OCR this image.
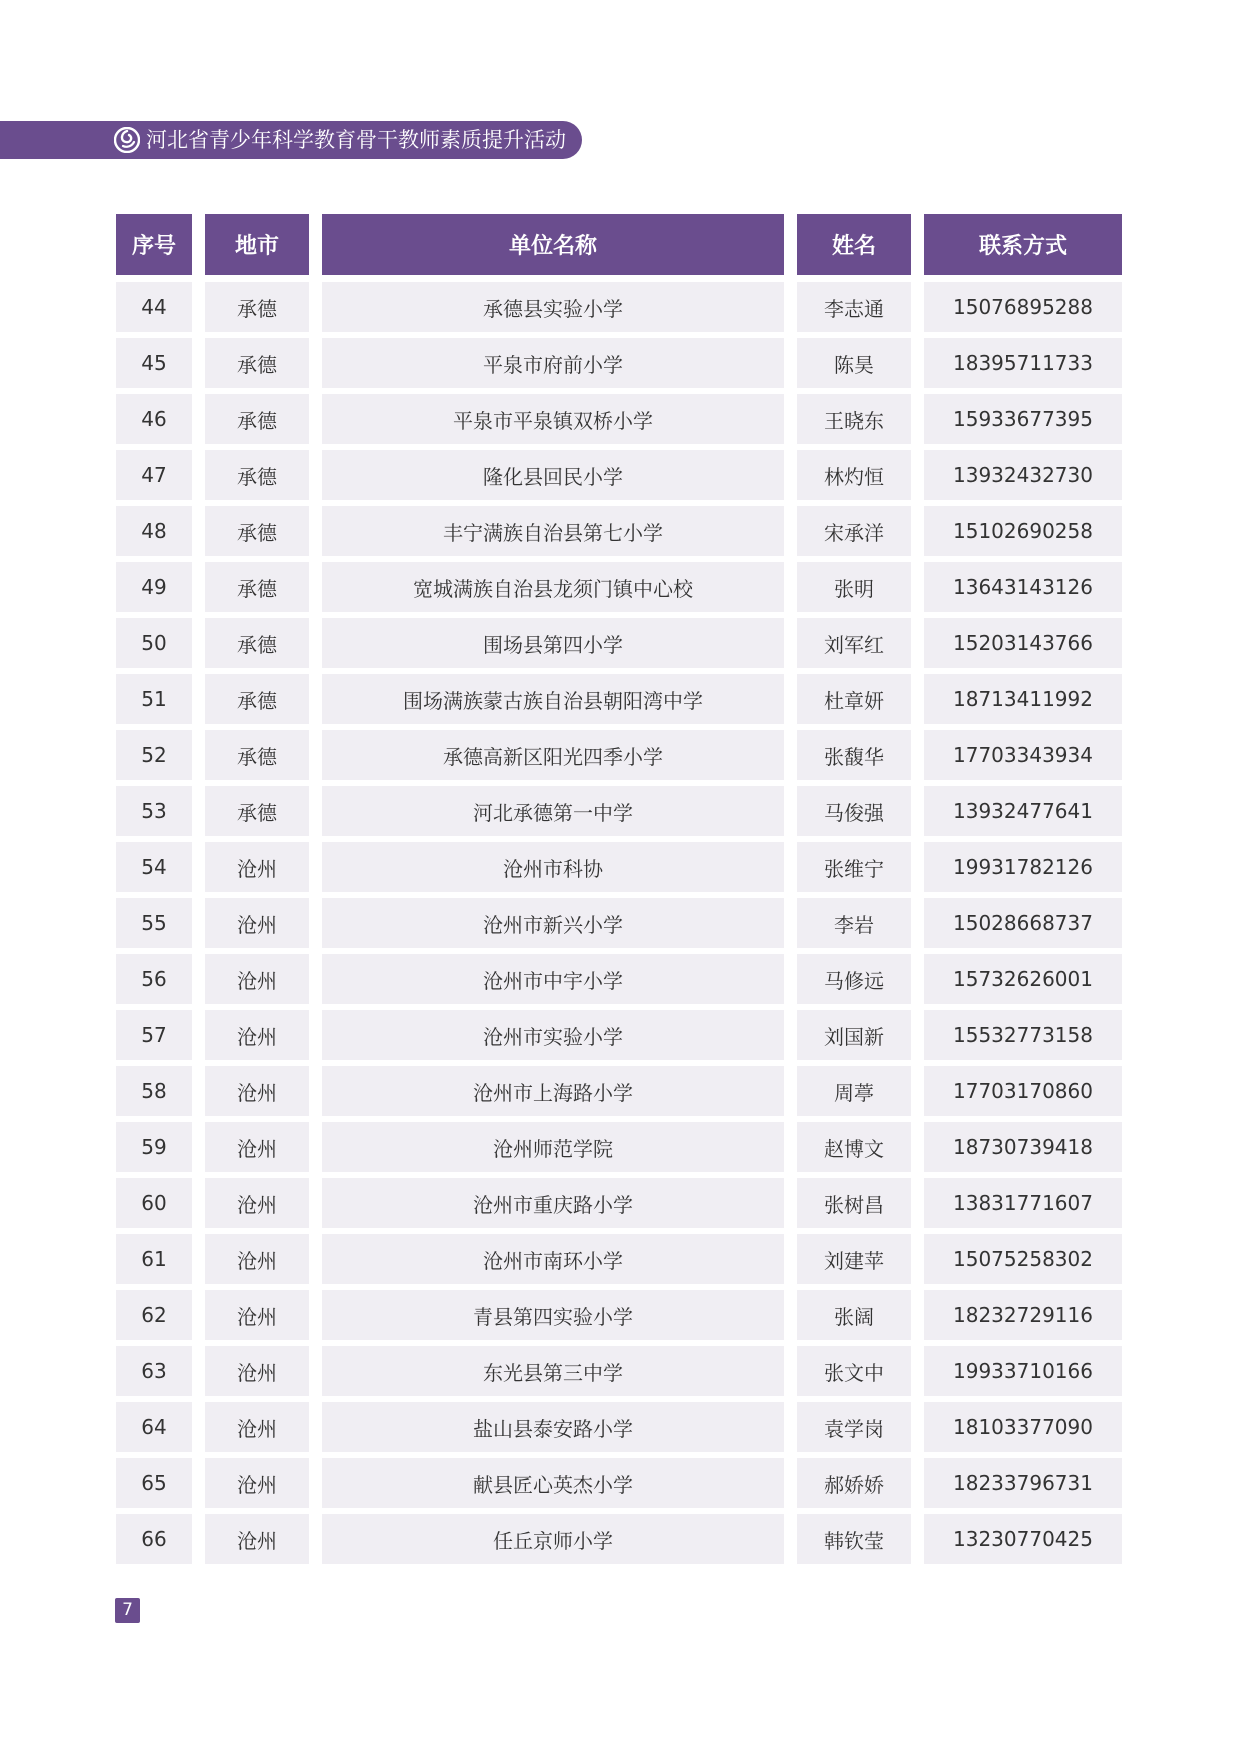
河北省青少年科学教育骨干教师素质提升活动
序号	地市	单位名称	姓名	联系方式
44	承德	承德县实验小学	李志通	15076895288
45	承德	平泉市府前小学	陈昊	18395711733
46	承德	平泉市平泉镇双桥小学	王晓东	15933677395
47	承德	隆化县回民小学	林灼恒	13932432730
48	承德	丰宁满族自治县第七小学	宋承洋	15102690258
49	承德	宽城满族自治县龙须门镇中心校	张明	13643143126
50	承德	围场县第四小学	刘军红	15203143766
51	承德	围场满族蒙古族自治县朝阳湾中学	杜章妍	18713411992
52	承德	承德高新区阳光四季小学	张馥华	17703343934
53	承德	河北承德第一中学	马俊强	13932477641
54	沧州	沧州市科协	张维宁	19931782126
55	沧州	沧州市新兴小学	李岩	15028668737
56	沧州	沧州市中宇小学	马修远	15732626001
57	沧州	沧州市实验小学	刘国新	15532773158
58	沧州	沧州市上海路小学	周葶	17703170860
59	沧州	沧州师范学院	赵博文	18730739418
60	沧州	沧州市重庆路小学	张树昌	13831771607
61	沧州	沧州市南环小学	刘建苹	15075258302
62	沧州	青县第四实验小学	张阔	18232729116
63	沧州	东光县第三中学	张文中	19933710166
64	沧州	盐山县泰安路小学	袁学岗	18103377090
65	沧州	献县匠心英杰小学	郝娇娇	18233796731
66	沧州	任丘京师小学	韩钦莹	13230770425
7
